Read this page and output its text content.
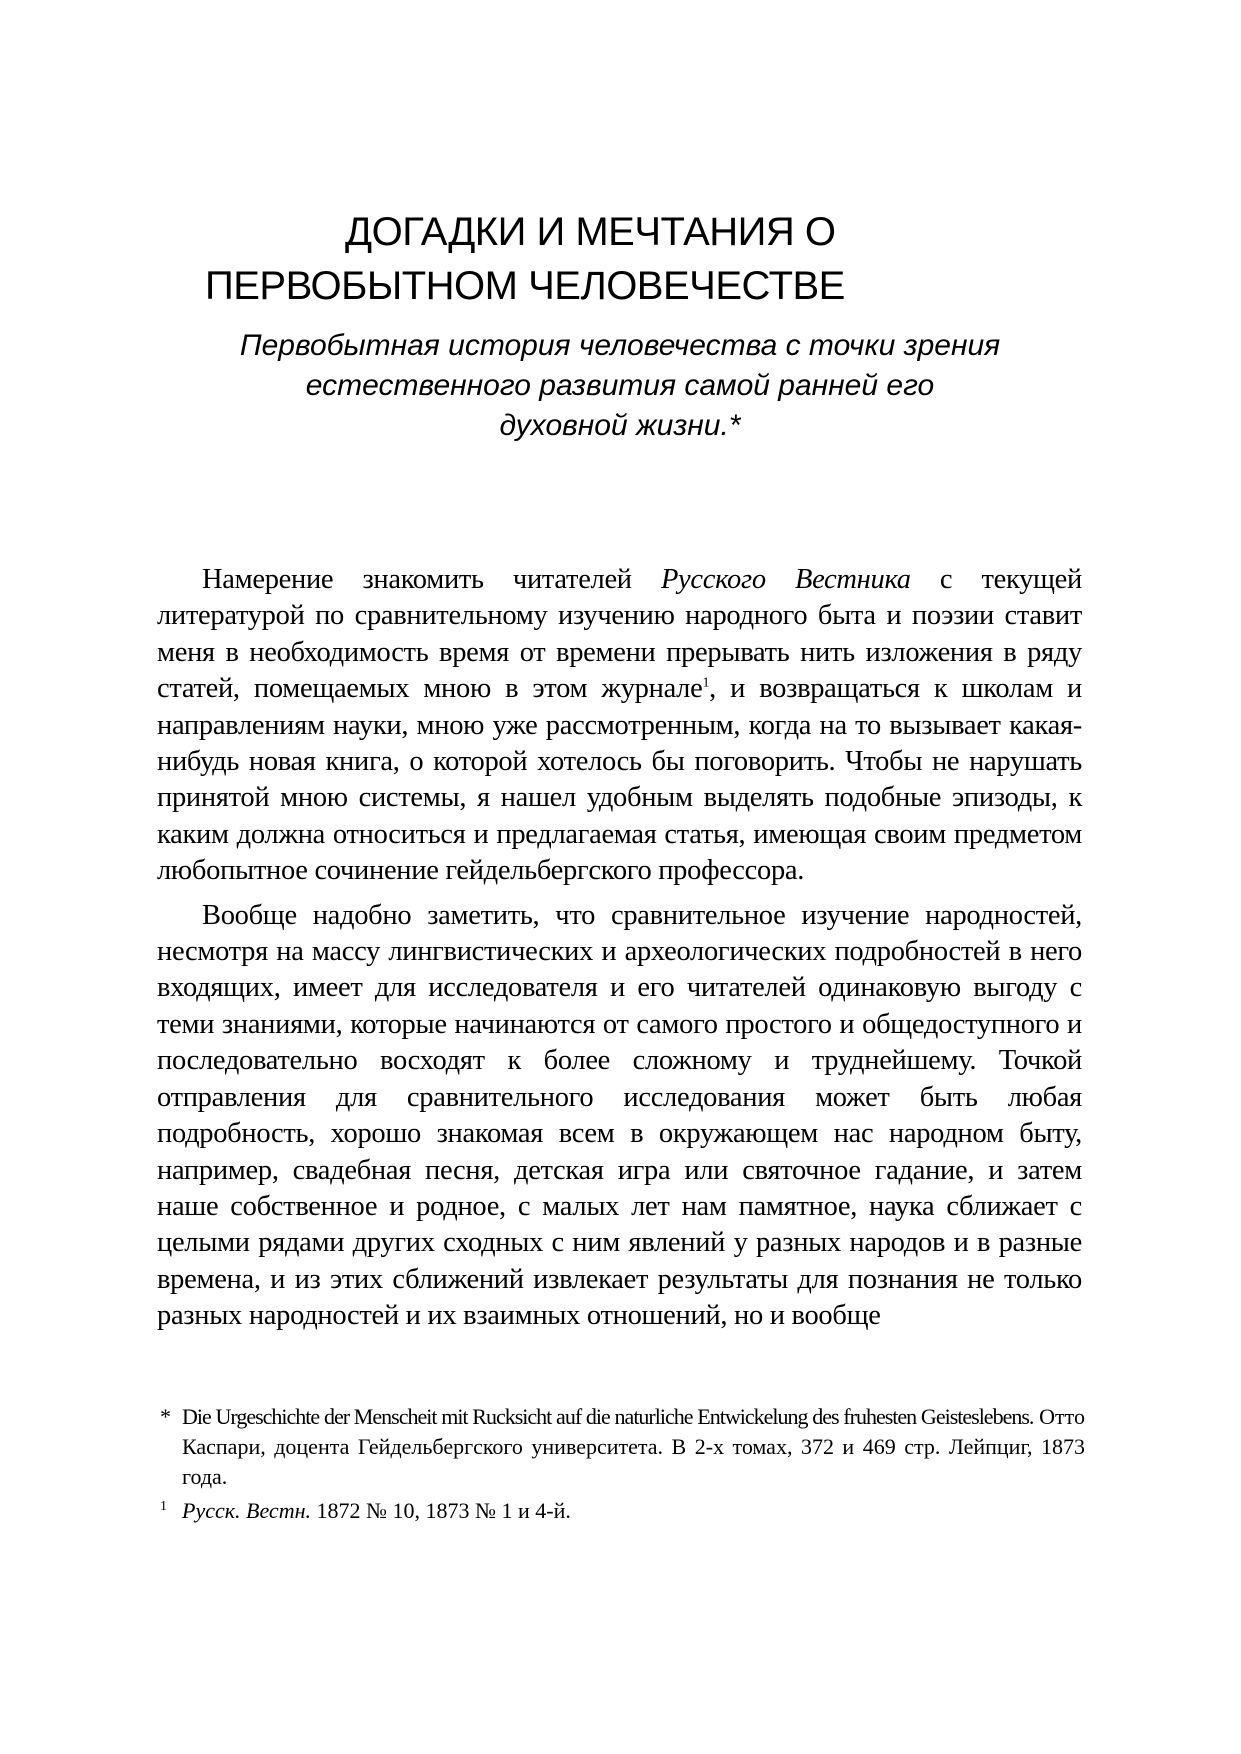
ДОГАДКИ И МЕЧТАНИЯ О
ПЕРВОБЫТНОМ ЧЕЛОВЕЧЕСТВЕ
Первобытная история человечества с точки зрения
естественного развития самой ранней его
духовной жизни.*

Намерение знакомить читателей Русского Вестника с текущей литературой по сравнительному изучению народного быта и поэзии ставит меня в необходимость время от времени прерывать нить изложения в ряду статей, помещаемых мною в этом журнале$^1$, и возвращаться к школам и направлениям науки, мною уже рассмотренным, когда на то вызывает какая-нибудь новая книга, о которой хотелось бы поговорить. Чтобы не нарушать принятой мною системы, я нашел удобным выделять подобные эпизоды, к каким должна относиться и предлагаемая статья, имеющая своим предметом любопытное сочинение гейдельбергского профессора.

Вообще надобно заметить, что сравнительное изучение народностей, несмотря на массу лингвистических и археологических подробностей в него входящих, имеет для исследователя и его читателей одинаковую выгоду с теми знаниями, которые начинаются от самого простого и общедоступного и последовательно восходят к более сложному и труднейшему. Точкой отправления для сравнительного исследования может быть любая подробность, хорошо знакомая всем в окружающем нас народном быту, например, свадебная песня, детская игра или святочное гадание, и затем наше собственное и родное, с малых лет нам памятное, наука сближает с целыми рядами других сходных с ним явлений у разных народов и в разные времена, и из этих сближений извлекает результаты для познания не только разных народностей и их взаимных отношений, но и вообще

* Die Urgeschichte der Menscheit mit Rucksicht auf die naturliche Entwickelung des fruhesten Geisteslebens. Отто Каспари, доцента Гейдельбергского университета. В 2-х томах, 372 и 469 стр. Лейпциг, 1873 года.
$^1$ Русск. Вестн. 1872 № 10, 1873 № 1 и 4-й.
